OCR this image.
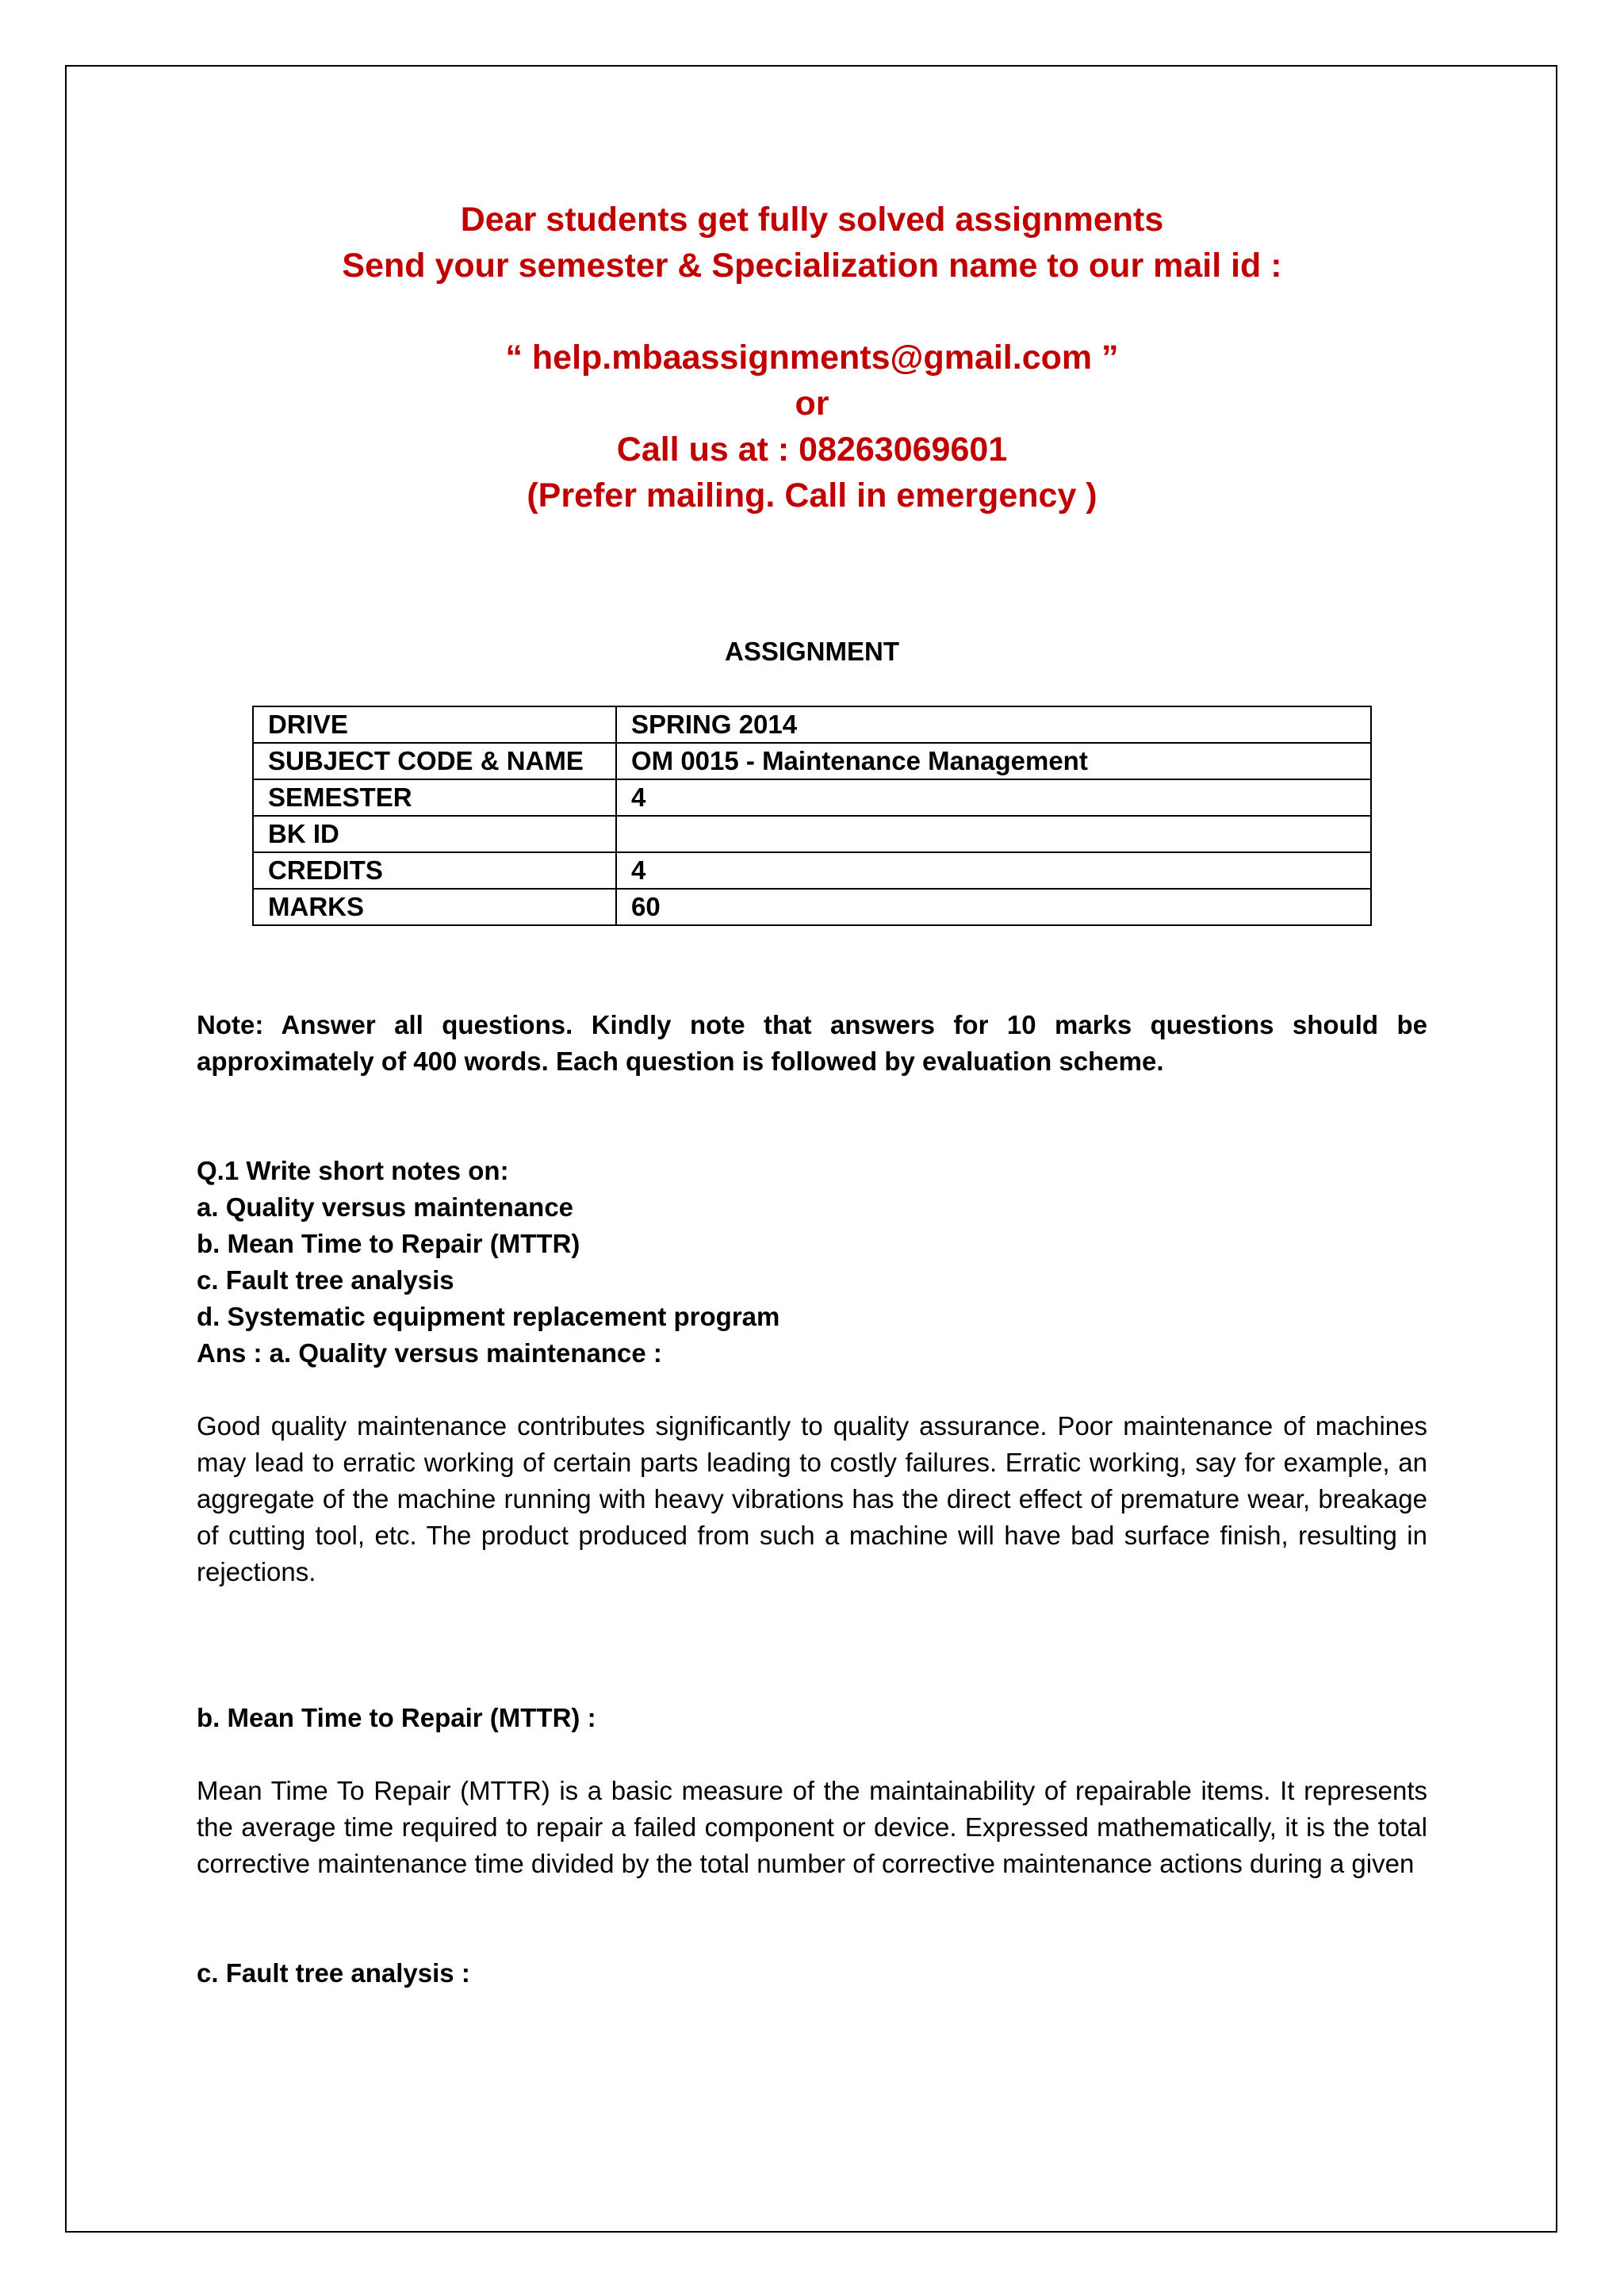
Dear students get fully solved assignments
Send your semester & Specialization name to our mail id :
“ help.mbaassignments@gmail.com ”
or
Call us at : 08263069601
(Prefer mailing. Call in emergency )
ASSIGNMENT
DRIVE	SPRING 2014
SUBJECT CODE & NAME	OM 0015 - Maintenance Management
SEMESTER	4
BK ID	
CREDITS	4
MARKS	60

Note: Answer all questions. Kindly note that answers for 10 marks questions should be approximately of 400 words. Each question is followed by evaluation scheme.

Q.1 Write short notes on:
a. Quality versus maintenance
b. Mean Time to Repair (MTTR)
c. Fault tree analysis
d. Systematic equipment replacement program

Ans : a. Quality versus maintenance :

Good quality maintenance contributes significantly to quality assurance. Poor maintenance of machines may lead to erratic working of certain parts leading to costly failures. Erratic working, say for example, an aggregate of the machine running with heavy vibrations has the direct effect of premature wear, breakage of cutting tool, etc. The product produced from such a machine will have bad surface finish, resulting in rejections.

b. Mean Time to Repair (MTTR) :

Mean Time To Repair (MTTR) is a basic measure of the maintainability of repairable items. It represents the average time required to repair a failed component or device. Expressed mathematically, it is the total corrective maintenance time divided by the total number of corrective maintenance actions during a given

c. Fault tree analysis :
